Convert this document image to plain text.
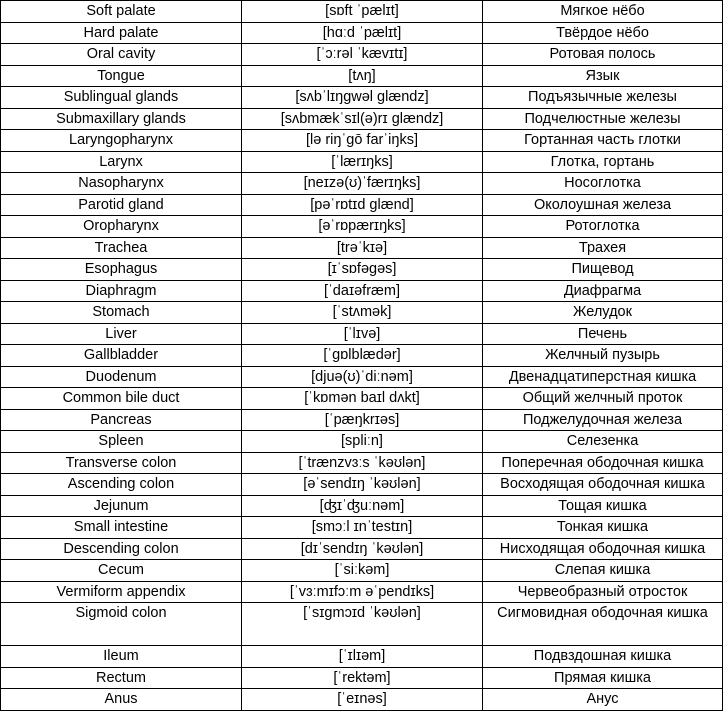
Soft palate	[sɒft ˈpælɪt]	Мягкое нёбо
Hard palate	[hɑːd ˈpælɪt]	Твёрдое нёбо
Oral cavity	[ˈɔːrəl ˈkævɪtɪ]	Ротовая полось
Tongue	[tʌŋ]	Язык
Sublingual glands	[sʌbˈlɪŋɡwəl ɡlændz]	Подъязычные железы
Submaxillary glands	[sʌbmækˈsɪl(ə)rɪ ɡlændz]	Подчелюстные железы
Laryngopharynx	[lə riŋˈgō farˈiŋks]	Гортанная часть глотки
Larynx	[ˈlærɪŋks]	Глотка, гортань
Nasopharynx	[neɪzə(ʊ)ˈfærɪŋks]	Носоглотка
Parotid gland	[pəˈrɒtɪd glænd]	Околоушная железа
Oropharynx	[əˈrɒpærɪŋks]	Ротоглотка
Trachea	[trəˈkɪə]	Трахея
Esophagus	[ɪˈsɒfəɡəs]	Пищевод
Diaphragm	[ˈdaɪəfræm]	Диафрагма
Stomach	[ˈstʌmək]	Желудок
Liver	[ˈlɪvə]	Печень
Gallbladder	[ˈɡɒlblædər]	Желчный пузырь
Duodenum	[djuə(ʊ)ˈdiːnəm]	Двенадцатиперстная кишка
Common bile duct	[ˈkɒmən baɪl dʌkt]	Общий желчный проток
Pancreas	[ˈpæŋkrɪəs]	Поджелудочная железа
Spleen	[spliːn]	Селезенка
Transverse colon	[ˈtrænzvɜːs ˈkəʊlən]	Поперечная ободочная кишка
Ascending colon	[əˈsendɪŋ ˈkəʊlən]	Восходящая ободочная кишка
Jejunum	[ʤɪˈʤuːnəm]	Тощая кишка
Small intestine	[smɔːl ɪnˈtestɪn]	Тонкая кишка
Descending colon	[dɪˈsendɪŋ ˈkəʊlən]	Нисходящая ободочная кишка
Cecum	[ˈsiːkəm]	Слепая кишка
Vermiform appendix	[ˈvɜːmɪfɔːm əˈpendɪks]	Червеобразный отросток
Sigmoid colon	[ˈsɪɡmɔɪd ˈkəʊlən]	Сигмовидная ободочная кишка
Ileum	[ˈɪlɪəm]	Подвздошная кишка
Rectum	[ˈrektəm]	Прямая кишка
Anus	[ˈeɪnəs]	Анус
